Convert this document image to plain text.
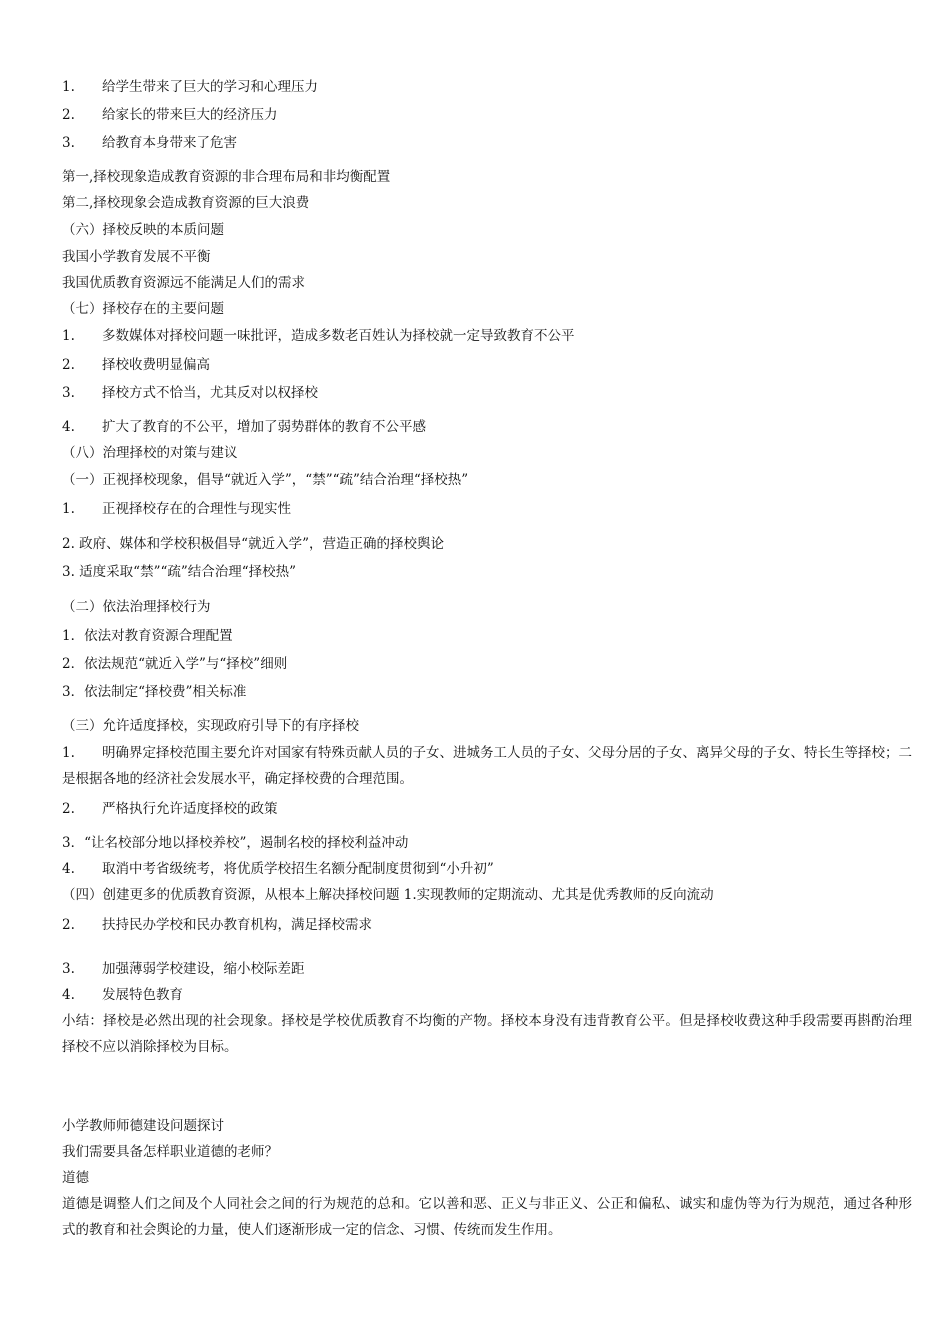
1. 给学生带来了巨大的学习和心理压力
2. 给家长的带来巨大的经济压力
3. 给教育本身带来了危害
第一,择校现象造成教育资源的非合理布局和非均衡配置
第二,择校现象会造成教育资源的巨大浪费
（六）择校反映的本质问题
我国小学教育发展不平衡
我国优质教育资源远不能满足人们的需求
（七）择校存在的主要问题
1. 多数媒体对择校问题一味批评，造成多数老百姓认为择校就一定导致教育不公平
2. 择校收费明显偏高
3. 择校方式不恰当，尤其反对以权择校
4. 扩大了教育的不公平，增加了弱势群体的教育不公平感
（八）治理择校的对策与建议
（一）正视择校现象，倡导“就近入学”，“禁”“疏”结合治理“择校热”
1. 正视择校存在的合理性与现实性
2. 政府、媒体和学校积极倡导“就近入学”，营造正确的择校舆论
3. 适度采取“禁”“疏”结合治理“择校热”
（二）依法治理择校行为
1．依法对教育资源合理配置
2．依法规范“就近入学”与“择校”细则
3．依法制定“择校费”相关标准
（三）允许适度择校，实现政府引导下的有序择校
1. 明确界定择校范围主要允许对国家有特殊贡献人员的子女、进城务工人员的子女、父母分居的子女、离异父母的子女、特长生等择校；二是根据各地的经济社会发展水平，确定择校费的合理范围。
2. 严格执行允许适度择校的政策
3．“让名校部分地以择校养校”，遏制名校的择校利益冲动
4. 取消中考省级统考，将优质学校招生名额分配制度贯彻到“小升初”
（四）创建更多的优质教育资源，从根本上解决择校问题 1.实现教师的定期流动、尤其是优秀教师的反向流动
2. 扶持民办学校和民办教育机构，满足择校需求
3. 加强薄弱学校建设，缩小校际差距
4. 发展特色教育
小结：择校是必然出现的社会现象。择校是学校优质教育不均衡的产物。择校本身没有违背教育公平。但是择校收费这种手段需要再斟酌治理择校不应以消除择校为目标。
小学教师师德建设问题探讨
我们需要具备怎样职业道德的老师？
道德
道德是调整人们之间及个人同社会之间的行为规范的总和。它以善和恶、正义与非正义、公正和偏私、诚实和虚伪等为行为规范，通过各种形式的教育和社会舆论的力量，使人们逐渐形成一定的信念、习惯、传统而发生作用。
